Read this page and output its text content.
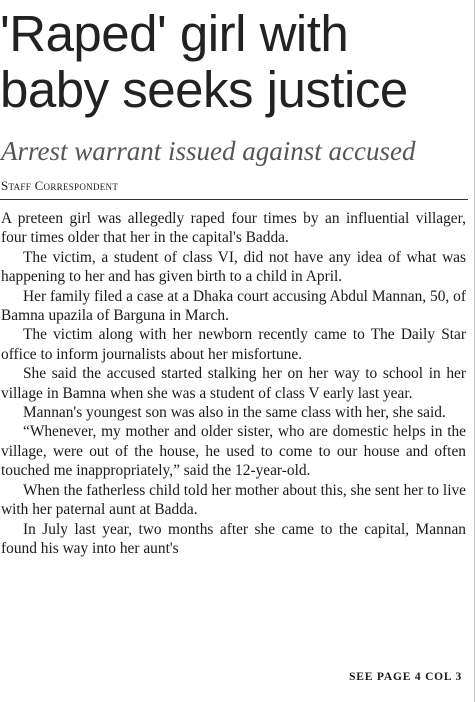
'Raped' girl with
baby seeks justice
Arrest warrant issued against accused
Staff Correspondent

A preteen girl was allegedly raped four times by an influential villager, four times older that her in the capital's Badda.

The victim, a student of class VI, did not have any idea of what was happening to her and has given birth to a child in April.

Her family filed a case at a Dhaka court accusing Abdul Mannan, 50, of Bamna upazila of Barguna in March.

The victim along with her newborn recently came to The Daily Star office to inform journalists about her misfortune.

She said the accused started stalking her on her way to school in her village in Bamna when she was a student of class V early last year.

Mannan's youngest son was also in the same class with her, she said.

“Whenever, my mother and older sister, who are domestic helps in the village, were out of the house, he used to come to our house and often touched me inappropriately,” said the 12-year-old.

When the fatherless child told her mother about this, she sent her to live with her paternal aunt at Badda.

In July last year, two months after she came to the capital, Mannan found his way into her aunt's

SEE PAGE 4 COL 3
